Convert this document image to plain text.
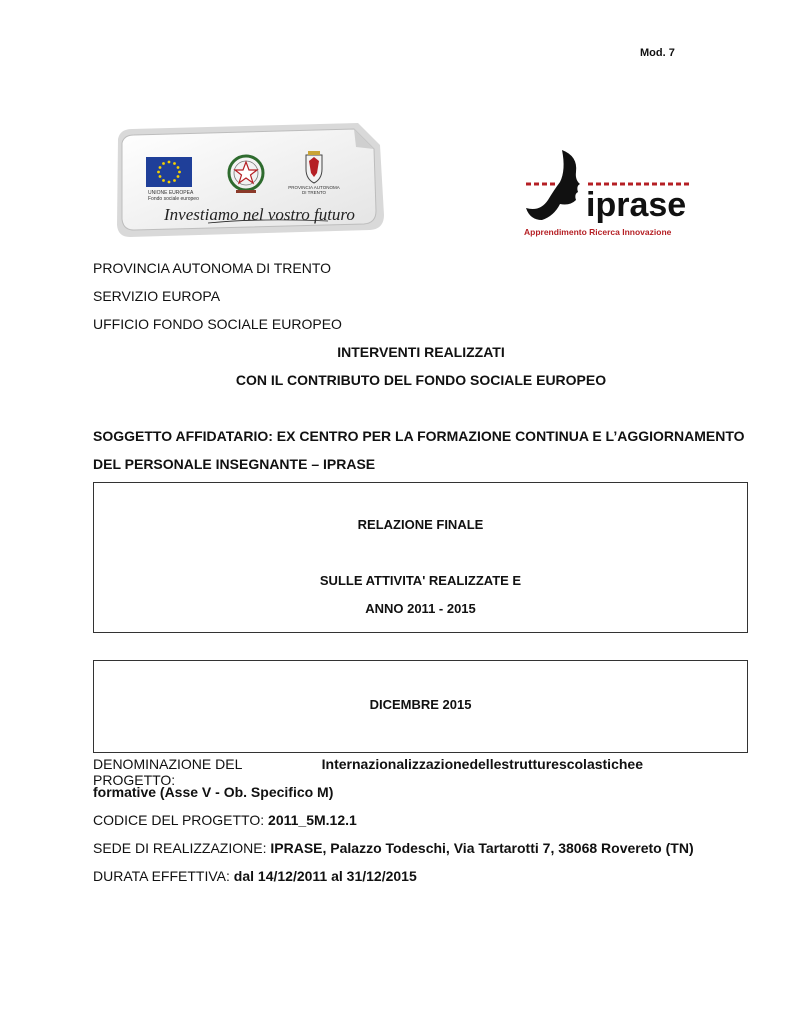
Mod. 7
UNIONE EUROPEA
Fondo sociale europeo
PROVINCIA AUTONOMA
DI TRENTO
Investiamo nel vostro futuro	iprase
Apprendimento Ricerca Innovazione
PROVINCIA AUTONOMA DI TRENTO
SERVIZIO EUROPA
UFFICIO FONDO SOCIALE EUROPEO
INTERVENTI REALIZZATI
CON IL CONTRIBUTO DEL FONDO SOCIALE EUROPEO
SOGGETTO AFFIDATARIO: EX CENTRO PER LA FORMAZIONE CONTINUA E L’AGGIORNAMENTO
DEL PERSONALE INSEGNANTE – IPRASE
RELAZIONE FINALE
SULLE ATTIVITA' REALIZZATE E
ANNO 2011 - 2015
DICEMBRE 2015
DENOMINAZIONE DEL PROGETTO:
Internazionalizzazione delle strutture scolastiche e
formative (Asse V - Ob. Specifico M)
CODICE DEL PROGETTO: 2011_5M.12.1
SEDE DI REALIZZAZIONE: IPRASE, Palazzo Todeschi, Via Tartarotti 7, 38068 Rovereto (TN)
DURATA EFFETTIVA: dal 14/12/2011 al 31/12/2015
